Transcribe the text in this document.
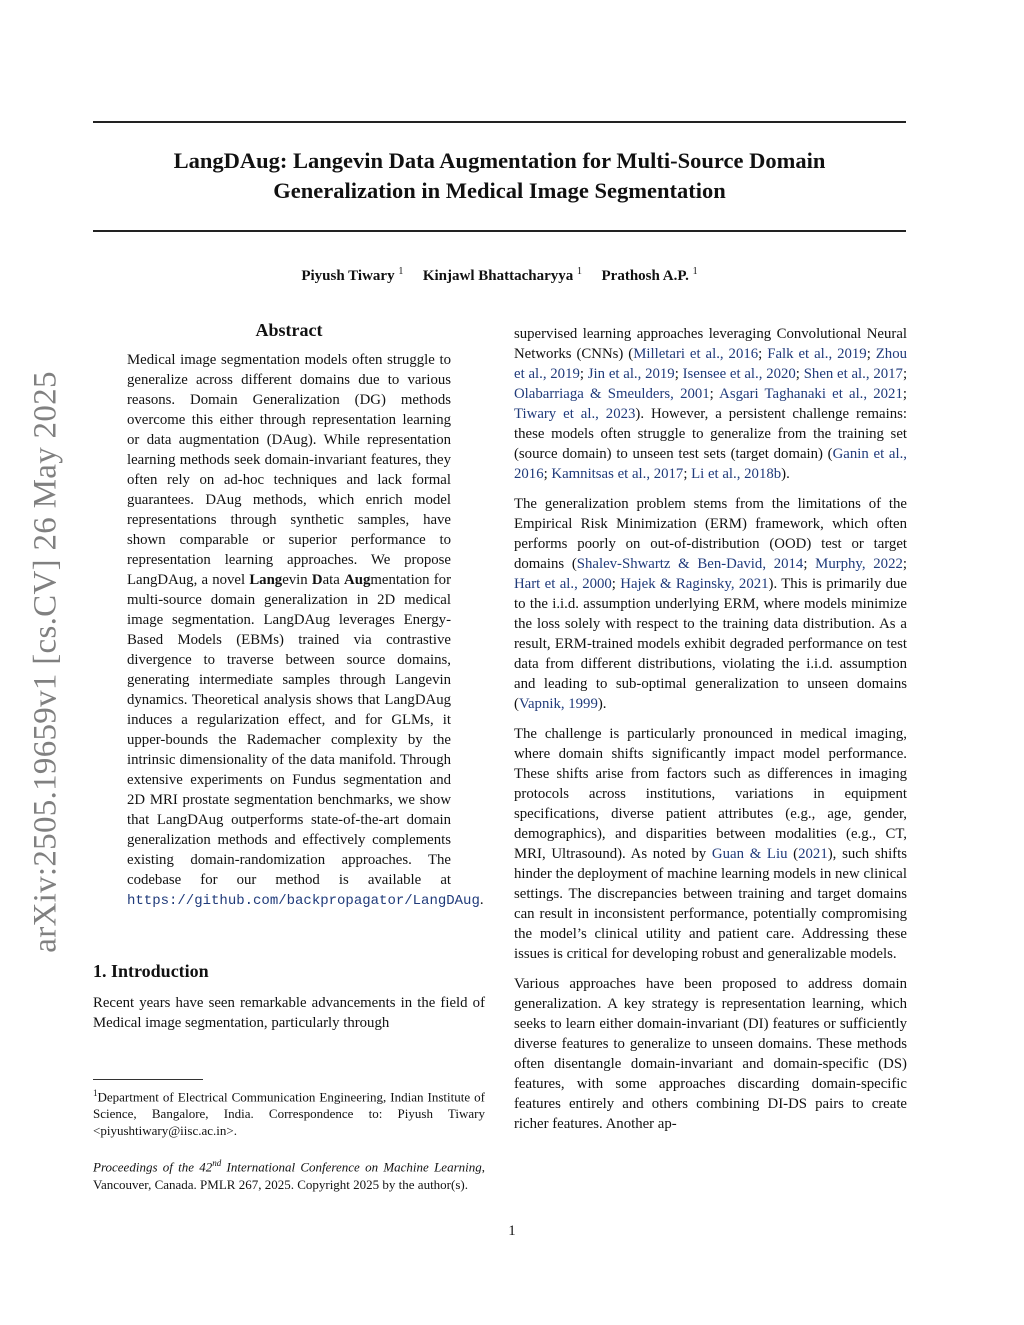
arXiv:2505.19659v1 [cs.CV] 26 May 2025
LangDAug: Langevin Data Augmentation for Multi-Source Domain
Generalization in Medical Image Segmentation
Piyush Tiwary $^1$ Kinjawl Bhattacharyya $^1$ Prathosh A.P. $^1$
Abstract
Medical image segmentation models often struggle to generalize across different domains due to various reasons. Domain Generalization (DG) methods overcome this either through representation learning or data augmentation (DAug). While representation learning methods seek domain-invariant features, they often rely on ad-hoc techniques and lack formal guarantees. DAug methods, which enrich model representations through synthetic samples, have shown comparable or superior performance to representation learning approaches. We propose LangDAug, a novel Langevin Data Augmentation for multi-source domain generalization in 2D medical image segmentation. LangDAug leverages Energy-Based Models (EBMs) trained via contrastive divergence to traverse between source domains, generating intermediate samples through Langevin dynamics. Theoretical analysis shows that LangDAug induces a regularization effect, and for GLMs, it upper-bounds the Rademacher complexity by the intrinsic dimensionality of the data manifold. Through extensive experiments on Fundus segmentation and 2D MRI prostate segmentation benchmarks, we show that LangDAug outperforms state-of-the-art domain generalization methods and effectively complements existing domain-randomization approaches. The codebase for our method is available at https://github.com/backpropagator/LangDAug.
1. Introduction

Recent years have seen remarkable advancements in the field of Medical image segmentation, particularly through

$^1$Department of Electrical Communication Engineering, Indian Institute of Science, Bangalore, India. Correspondence to: Piyush Tiwary <piyushtiwary@iisc.ac.in>.
Proceedings of the 42nd International Conference on Machine Learning, Vancouver, Canada. PMLR 267, 2025. Copyright 2025 by the author(s).

supervised learning approaches leveraging Convolutional Neural Networks (CNNs) (Milletari et al., 2016; Falk et al., 2019; Zhou et al., 2019; Jin et al., 2019; Isensee et al., 2020; Shen et al., 2017; Olabarriaga & Smeulders, 2001; Asgari Taghanaki et al., 2021; Tiwary et al., 2023). However, a persistent challenge remains: these models often struggle to generalize from the training set (source domain) to unseen test sets (target domain) (Ganin et al., 2016; Kamnitsas et al., 2017; Li et al., 2018b).

The generalization problem stems from the limitations of the Empirical Risk Minimization (ERM) framework, which often performs poorly on out-of-distribution (OOD) test or target domains (Shalev-Shwartz & Ben-David, 2014; Murphy, 2022; Hart et al., 2000; Hajek & Raginsky, 2021). This is primarily due to the i.i.d. assumption underlying ERM, where models minimize the loss solely with respect to the training data distribution. As a result, ERM-trained models exhibit degraded performance on test data from different distributions, violating the i.i.d. assumption and leading to sub-optimal generalization to unseen domains (Vapnik, 1999).

The challenge is particularly pronounced in medical imaging, where domain shifts significantly impact model performance. These shifts arise from factors such as differences in imaging protocols across institutions, variations in equipment specifications, diverse patient attributes (e.g., age, gender, demographics), and disparities between modalities (e.g., CT, MRI, Ultrasound). As noted by Guan & Liu (2021), such shifts hinder the deployment of machine learning models in new clinical settings. The discrepancies between training and target domains can result in inconsistent performance, potentially compromising the model’s clinical utility and patient care. Addressing these issues is critical for developing robust and generalizable models.

Various approaches have been proposed to address domain generalization. A key strategy is representation learning, which seeks to learn either domain-invariant (DI) features or sufficiently diverse features to generalize to unseen domains. These methods often disentangle domain-invariant and domain-specific (DS) features, with some approaches discarding domain-specific features entirely and others combining DI-DS pairs to create richer features. Another ap-

1
